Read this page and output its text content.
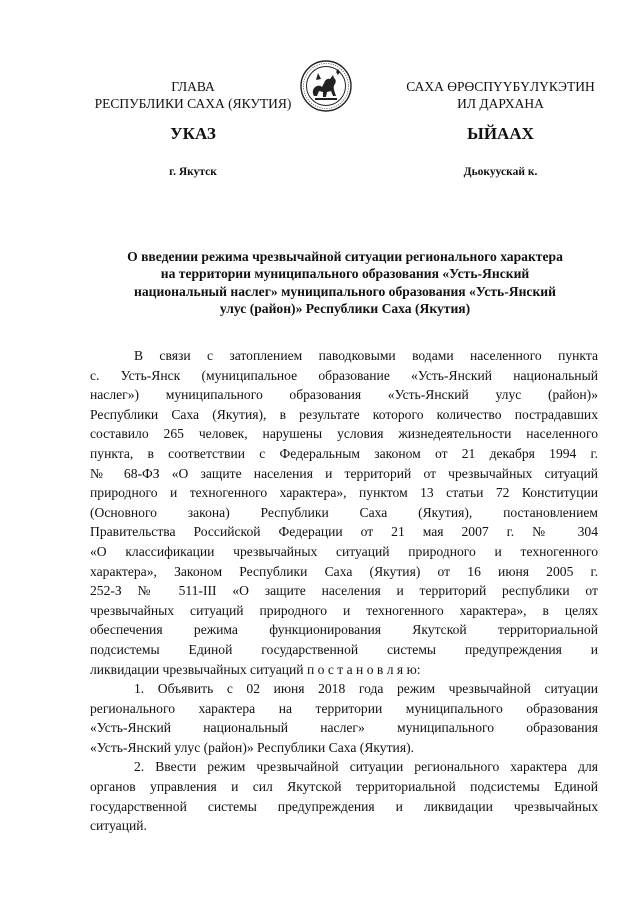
ГЛАВА
РЕСПУБЛИКИ САХА (ЯКУТИЯ)
САХА ӨРӨСПҮҮБҮЛҮКЭТИН
ИЛ ДАРХАНА
УКАЗ	ЫЙААХ
г. Якутск	Дьокуускай к.
О введении режима чрезвычайной ситуации регионального характера
на территории муниципального образования «Усть-Янский
национальный наслег» муниципального образования «Усть-Янский
улус (район)» Республики Саха (Якутия)

В связи с затоплением паводковыми водами населенного пункта
с. Усть-Янск (муниципальное образование «Усть-Янский национальный
наслег») муниципального образования «Усть-Янский улус (район)»
Республики Саха (Якутия), в результате которого количество пострадавших
составило 265 человек, нарушены условия жизнедеятельности населенного
пункта, в соответствии с Федеральным законом от 21 декабря 1994 г.
№ 68-ФЗ «О защите населения и территорий от чрезвычайных ситуаций
природного и техногенного характера», пунктом 13 статьи 72 Конституции
(Основного закона) Республики Саха (Якутия), постановлением
Правительства Российской Федерации от 21 мая 2007 г. № 304
«О классификации чрезвычайных ситуаций природного и техногенного
характера», Законом Республики Саха (Якутия) от 16 июня 2005 г.
252-З № 511-III «О защите населения и территорий республики от
чрезвычайных ситуаций природного и техногенного характера», в целях
обеспечения режима функционирования Якутской территориальной
подсистемы Единой государственной системы предупреждения и
ликвидации чрезвычайных ситуаций п о с т а н о в л я ю:

1. Объявить с 02 июня 2018 года режим чрезвычайной ситуации
регионального характера на территории муниципального образования
«Усть-Янский национальный наслег» муниципального образования
«Усть-Янский улус (район)» Республики Саха (Якутия).

2. Ввести режим чрезвычайной ситуации регионального характера для
органов управления и сил Якутской территориальной подсистемы Единой
государственной системы предупреждения и ликвидации чрезвычайных
ситуаций.
